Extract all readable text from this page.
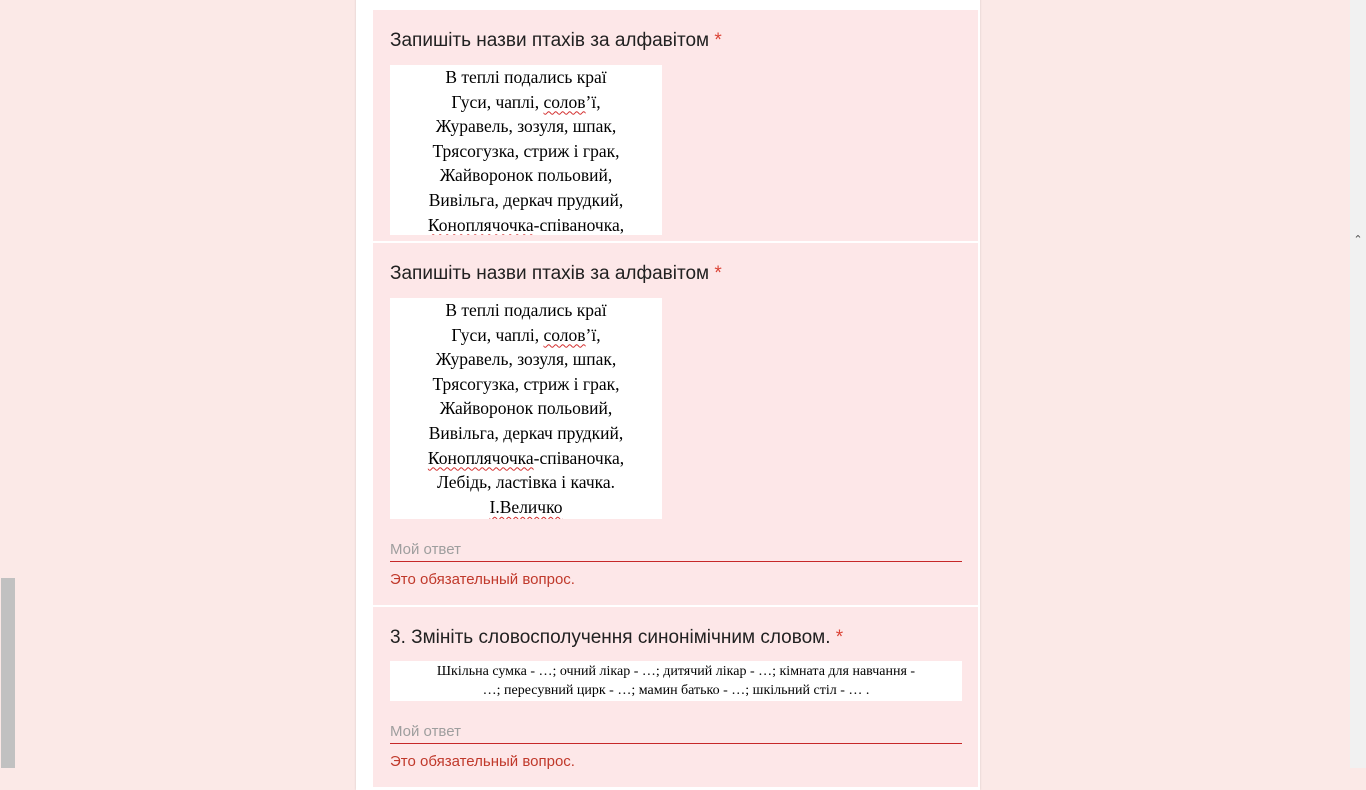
Запишіть назви птахів за алфавітом *
В теплі подались краї
Гуси, чаплі, солов’ї,
Журавель, зозуля, шпак,
Трясогузка, стриж і грак,
Жайворонок польовий,
Вивільга, деркач прудкий,
Коноплячочка-співаночка,
Запишіть назви птахів за алфавітом *
В теплі подались краї
Гуси, чаплі, солов’ї,
Журавель, зозуля, шпак,
Трясогузка, стриж і грак,
Жайворонок польовий,
Вивільга, деркач прудкий,
Коноплячочка-співаночка,
Лебідь, ластівка і качка.
І.Величко
Мой ответ
Это обязательный вопрос.
3. Змініть словосполучення синонімічним словом. *
Шкільна сумка - …; очний лікар - …; дитячий лікар - …; кімната для навчання -
…; пересувний цирк - …; мамин батько - …; шкільний стіл - … .
Мой ответ
Это обязательный вопрос.
⌃
